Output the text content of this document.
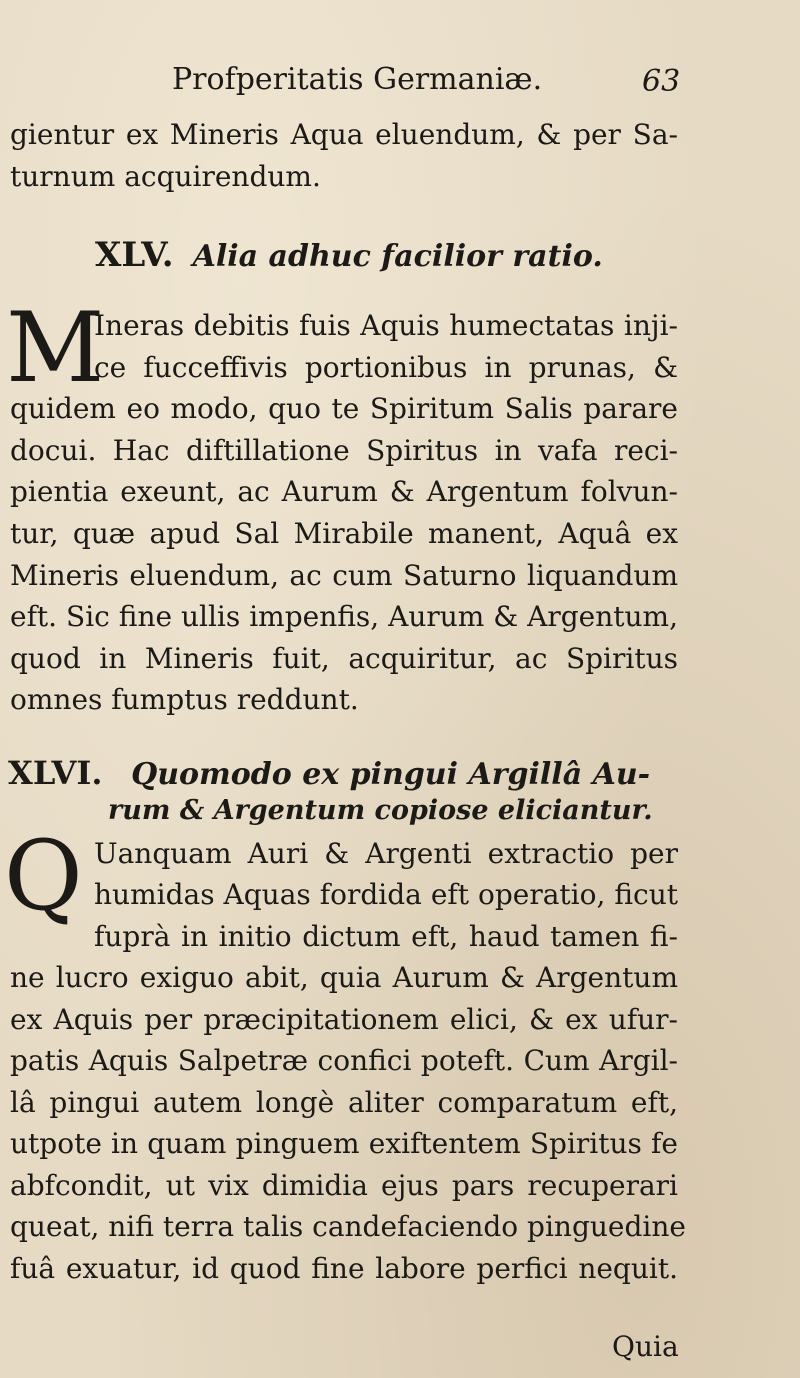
Profperitatis Germaniæ.	63
gientur ex Mineris Aqua eluendum, & per Sa-
turnum acquirendum.
XLV. Alia adhuc facilior ratio.
M
Ineras debitis fuis Aquis humectatas inji-
ce fucceffivis portionibus in prunas, &
quidem eo modo, quo te Spiritum Salis parare
docui. Hac diftillatione Spiritus in vafa reci-
pientia exeunt, ac Aurum & Argentum folvun-
tur, quæ apud Sal Mirabile manent, Aquâ ex
Mineris eluendum, ac cum Saturno liquandum
eft. Sic fine ullis impenfis, Aurum & Argentum,
quod in Mineris fuit, acquiritur, ac Spiritus
omnes fumptus reddunt.
XLVI. Quomodo ex pingui Argillâ Au-
rum & Argentum copiose eliciantur.
Q Uanquam Auri & Argenti extractio per
humidas Aquas fordida eft operatio, ficut
fuprà in initio dictum eft, haud tamen fi-
ne lucro exiguo abit, quia Aurum & Argentum
ex Aquis per præcipitationem elici, & ex ufur-
patis Aquis Salpetræ confici poteft. Cum Argil-
lâ pingui autem longè aliter comparatum eft,
utpote in quam pinguem exiftentem Spiritus fe
abfcondit, ut vix dimidia ejus pars recuperari
queat, nifi terra talis candefaciendo pinguedine
fuâ exuatur, id quod fine labore perfici nequit.
Quia
